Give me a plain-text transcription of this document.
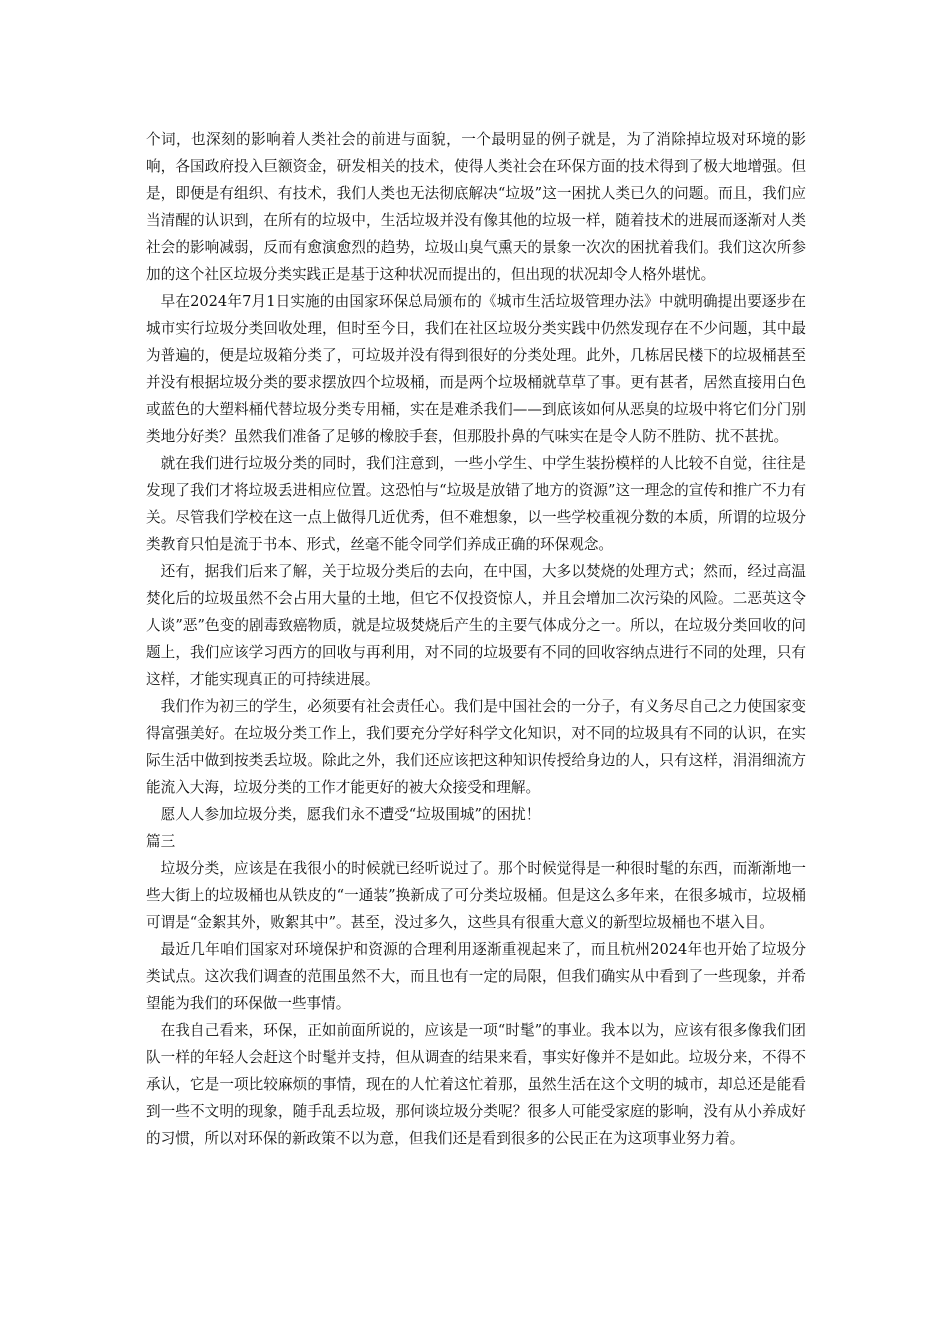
个词，也深刻的影响着人类社会的前进与面貌，一个最明显的例子就是，为了消除掉垃圾对环境的影响，各国政府投入巨额资金，研发相关的技术，使得人类社会在环保方面的技术得到了极大地增强。但是，即便是有组织、有技术，我们人类也无法彻底解决“垃圾”这一困扰人类已久的问题。而且，我们应当清醒的认识到，在所有的垃圾中，生活垃圾并没有像其他的垃圾一样，随着技术的进展而逐渐对人类社会的影响减弱，反而有愈演愈烈的趋势，垃圾山臭气熏天的景象一次次的困扰着我们。我们这次所参加的这个社区垃圾分类实践正是基于这种状况而提出的，但出现的状况却令人格外堪忧。

早在2024年7月1日实施的由国家环保总局颁布的《城市生活垃圾管理办法》中就明确提出要逐步在城市实行垃圾分类回收处理，但时至今日，我们在社区垃圾分类实践中仍然发现存在不少问题，其中最为普遍的，便是垃圾箱分类了，可垃圾并没有得到很好的分类处理。此外，几栋居民楼下的垃圾桶甚至并没有根据垃圾分类的要求摆放四个垃圾桶，而是两个垃圾桶就草草了事。更有甚者，居然直接用白色或蓝色的大塑料桶代替垃圾分类专用桶，实在是难杀我们——到底该如何从恶臭的垃圾中将它们分门别类地分好类？虽然我们准备了足够的橡胶手套，但那股扑鼻的气味实在是令人防不胜防、扰不甚扰。

就在我们进行垃圾分类的同时，我们注意到，一些小学生、中学生装扮模样的人比较不自觉，往往是发现了我们才将垃圾丢进相应位置。这恐怕与“垃圾是放错了地方的资源”这一理念的宣传和推广不力有关。尽管我们学校在这一点上做得几近优秀，但不难想象，以一些学校重视分数的本质，所谓的垃圾分类教育只怕是流于书本、形式，丝毫不能令同学们养成正确的环保观念。

还有，据我们后来了解，关于垃圾分类后的去向，在中国，大多以焚烧的处理方式；然而，经过高温焚化后的垃圾虽然不会占用大量的土地，但它不仅投资惊人，并且会增加二次污染的风险。二恶英这令人谈”恶”色变的剧毒致癌物质，就是垃圾焚烧后产生的主要气体成分之一。所以，在垃圾分类回收的问题上，我们应该学习西方的回收与再利用，对不同的垃圾要有不同的回收容纳点进行不同的处理，只有这样，才能实现真正的可持续进展。

我们作为初三的学生，必须要有社会责任心。我们是中国社会的一分子，有义务尽自己之力使国家变得富强美好。在垃圾分类工作上，我们要充分学好科学文化知识，对不同的垃圾具有不同的认识，在实际生活中做到按类丢垃圾。除此之外，我们还应该把这种知识传授给身边的人，只有这样，涓涓细流方能流入大海，垃圾分类的工作才能更好的被大众接受和理解。

愿人人参加垃圾分类，愿我们永不遭受“垃圾围城”的困扰！

篇三

垃圾分类，应该是在我很小的时候就已经听说过了。那个时候觉得是一种很时髦的东西，而渐渐地一些大街上的垃圾桶也从铁皮的“一通装”换新成了可分类垃圾桶。但是这么多年来，在很多城市，垃圾桶可谓是“金絮其外，败絮其中”。甚至，没过多久，这些具有很重大意义的新型垃圾桶也不堪入目。

最近几年咱们国家对环境保护和资源的合理利用逐渐重视起来了，而且杭州2024年也开始了垃圾分类试点。这次我们调查的范围虽然不大，而且也有一定的局限，但我们确实从中看到了一些现象，并希望能为我们的环保做一些事情。

在我自己看来，环保，正如前面所说的，应该是一项“时髦”的事业。我本以为，应该有很多像我们团队一样的年轻人会赶这个时髦并支持，但从调查的结果来看，事实好像并不是如此。垃圾分来，不得不承认，它是一项比较麻烦的事情，现在的人忙着这忙着那，虽然生活在这个文明的城市，却总还是能看到一些不文明的现象，随手乱丢垃圾，那何谈垃圾分类呢？很多人可能受家庭的影响，没有从小养成好的习惯，所以对环保的新政策不以为意，但我们还是看到很多的公民正在为这项事业努力着。
